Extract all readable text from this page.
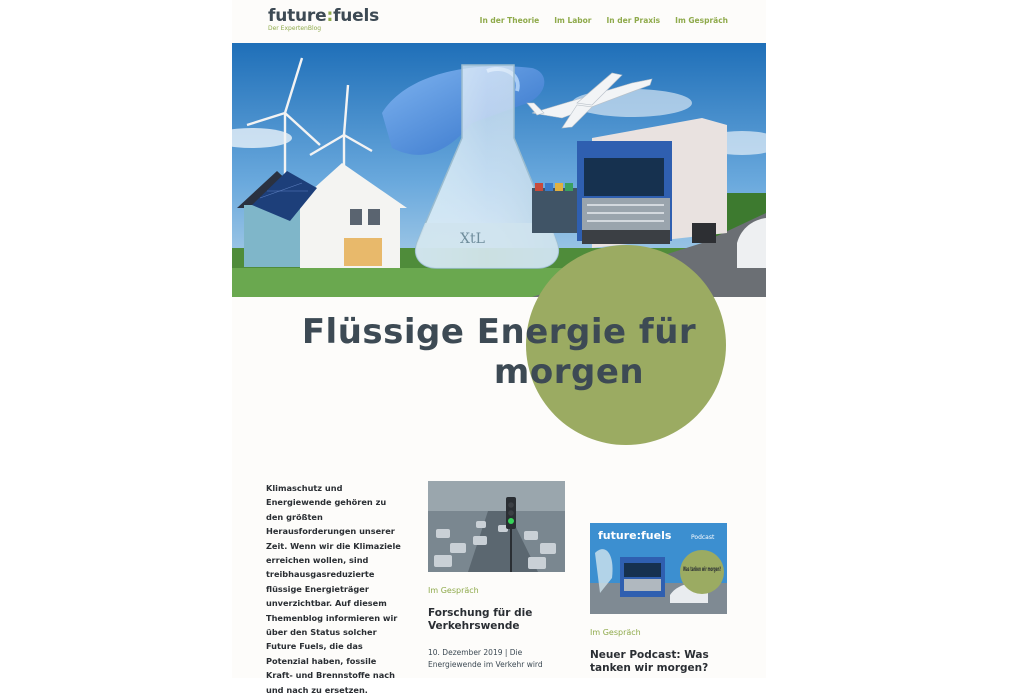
future:fuels
Der ExpertenBlog
In der Theorie Im Labor In der Praxis Im Gespräch
XtL
Flüssige Energie für
morgen

Klimaschutz und Energiewende gehören zu den größten Herausforderungen unserer Zeit. Wenn wir die Klimaziele erreichen wollen, sind treibhausgasreduzierte flüssige Energieträger unverzichtbar. Auf diesem Themenblog informieren wir über den Status solcher Future Fuels, die das Potenzial haben, fossile Kraft- und Brennstoffe nach und nach zu ersetzen.

Im Gespräch
Forschung für die Verkehrswende
10. Dezember 2019 | Die Energiewende im Verkehr wird
future:fuels	Podcast
Was tanken wir morgen?
Im Gespräch
Neuer Podcast: Was tanken wir morgen?
